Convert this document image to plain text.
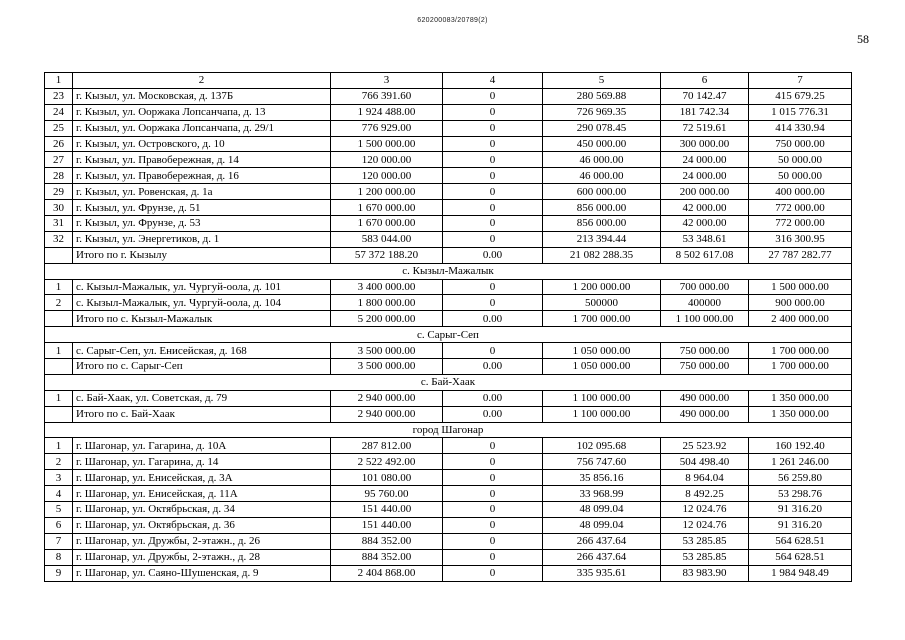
620200083/20789(2)
58
1	2	3	4	5	6	7
23	г. Кызыл, ул. Московская, д. 137Б	766 391.60	0	280 569.88	70 142.47	415 679.25
24	г. Кызыл, ул. Ооржака Лопсанчапа, д. 13	1 924 488.00	0	726 969.35	181 742.34	1 015 776.31
25	г. Кызыл, ул. Ооржака Лопсанчапа, д. 29/1	776 929.00	0	290 078.45	72 519.61	414 330.94
26	г. Кызыл, ул. Островского, д. 10	1 500 000.00	0	450 000.00	300 000.00	750 000.00
27	г. Кызыл, ул. Правобережная, д. 14	120 000.00	0	46 000.00	24 000.00	50 000.00
28	г. Кызыл, ул. Правобережная, д. 16	120 000.00	0	46 000.00	24 000.00	50 000.00
29	г. Кызыл, ул. Ровенская, д. 1а	1 200 000.00	0	600 000.00	200 000.00	400 000.00
30	г. Кызыл, ул. Фрунзе, д. 51	1 670 000.00	0	856 000.00	42 000.00	772 000.00
31	г. Кызыл, ул. Фрунзе, д. 53	1 670 000.00	0	856 000.00	42 000.00	772 000.00
32	г. Кызыл, ул. Энергетиков, д. 1	583 044.00	0	213 394.44	53 348.61	316 300.95
	Итого по г. Кызылу	57 372 188.20	0.00	21 082 288.35	8 502 617.08	27 787 282.77
с. Кызыл-Мажалык						
1	с. Кызыл-Мажалык, ул. Чургуй-оола, д. 101	3 400 000.00	0	1 200 000.00	700 000.00	1 500 000.00
2	с. Кызыл-Мажалык, ул. Чургуй-оола, д. 104	1 800 000.00	0	500000	400000	900 000.00
	Итого по с. Кызыл-Мажалык	5 200 000.00	0.00	1 700 000.00	1 100 000.00	2 400 000.00
с. Сарыг-Сеп						
1	с. Сарыг-Сеп, ул. Енисейская, д. 168	3 500 000.00	0	1 050 000.00	750 000.00	1 700 000.00
	Итого по с. Сарыг-Сеп	3 500 000.00	0.00	1 050 000.00	750 000.00	1 700 000.00
с. Бай-Хаак						
1	с. Бай-Хаак, ул. Советская, д. 79	2 940 000.00	0.00	1 100 000.00	490 000.00	1 350 000.00
	Итого по с. Бай-Хаак	2 940 000.00	0.00	1 100 000.00	490 000.00	1 350 000.00
город Шагонар						
1	г. Шагонар, ул. Гагарина, д. 10А	287 812.00	0	102 095.68	25 523.92	160 192.40
2	г. Шагонар, ул. Гагарина, д. 14	2 522 492.00	0	756 747.60	504 498.40	1 261 246.00
3	г. Шагонар, ул. Енисейская, д. 3А	101 080.00	0	35 856.16	8 964.04	56 259.80
4	г. Шагонар, ул. Енисейская, д. 11А	95 760.00	0	33 968.99	8 492.25	53 298.76
5	г. Шагонар, ул. Октябрьская, д. 34	151 440.00	0	48 099.04	12 024.76	91 316.20
6	г. Шагонар, ул. Октябрьская, д. 36	151 440.00	0	48 099.04	12 024.76	91 316.20
7	г. Шагонар, ул. Дружбы, 2-этажн., д. 26	884 352.00	0	266 437.64	53 285.85	564 628.51
8	г. Шагонар, ул. Дружбы, 2-этажн., д. 28	884 352.00	0	266 437.64	53 285.85	564 628.51
9	г. Шагонар, ул. Саяно-Шушенская, д. 9	2 404 868.00	0	335 935.61	83 983.90	1 984 948.49
